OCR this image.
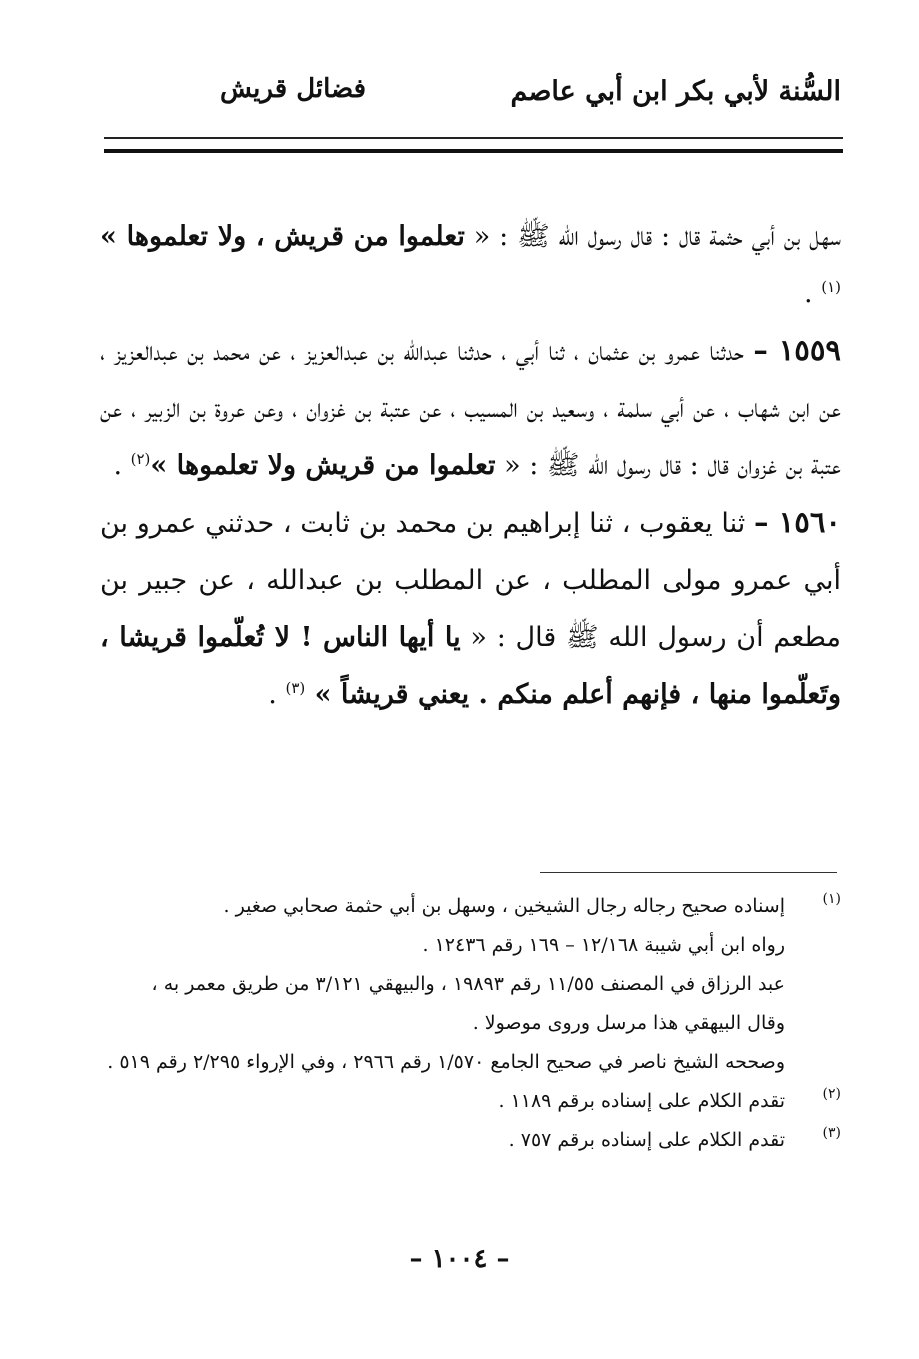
السُّنة لأبي بكر ابن أبي عاصم
فضائل قريش

سهل بن أبي حثمة قال : قال رسول الله ﷺ : « تعلموا من قريش ، ولا تعلموها » $^{(١)}$ .

١٥٥٩ – حدثنا عمرو بن عثمان ، ثنا أبي ، حدثنا عبدالله بن عبدالعزيز ، عن محمد بن عبدالعزيز ، عن ابن شهاب ، عن أبي سلمة ، وسعيد بن المسيب ، عن عتبة بن غزوان ، وعن عروة بن الزبير ، عن عتبة بن غزوان قال : قال رسول الله ﷺ : « تعلموا من قريش ولا تعلموها »$^{(٢)}$ .

١٥٦٠ – ثنا يعقوب ، ثنا إبراهيم بن محمد بن ثابت ، حدثني عمرو بن أبي عمرو مولى المطلب ، عن المطلب بن عبدالله ، عن جبير بن مطعم أن رسول الله ﷺ قال : « يا أيها الناس ! لا تُعلّموا قريشا ، وتَعلّموا منها ، فإنهم أعلم منكم . يعني قريشاً » $^{(٣)}$ .

(١)
إسناده صحيح رجاله رجال الشيخين ، وسهل بن أبي حثمة صحابي صغير .
رواه ابن أبي شيبة ١٢/١٦٨ – ١٦٩ رقم ١٢٤٣٦ .
عبد الرزاق في المصنف ١١/٥٥ رقم ١٩٨٩٣ ، والبيهقي ٣/١٢١ من طريق معمر به ،
وقال البيهقي هذا مرسل وروى موصولا .
وصححه الشيخ ناصر في صحيح الجامع ١/٥٧٠ رقم ٢٩٦٦ ، وفي الإرواء ٢/٢٩٥ رقم ٥١٩ .
(٢)
تقدم الكلام على إسناده برقم ١١٨٩ .
(٣)
تقدم الكلام على إسناده برقم ٧٥٧ .
– ١٠٠٤ –
